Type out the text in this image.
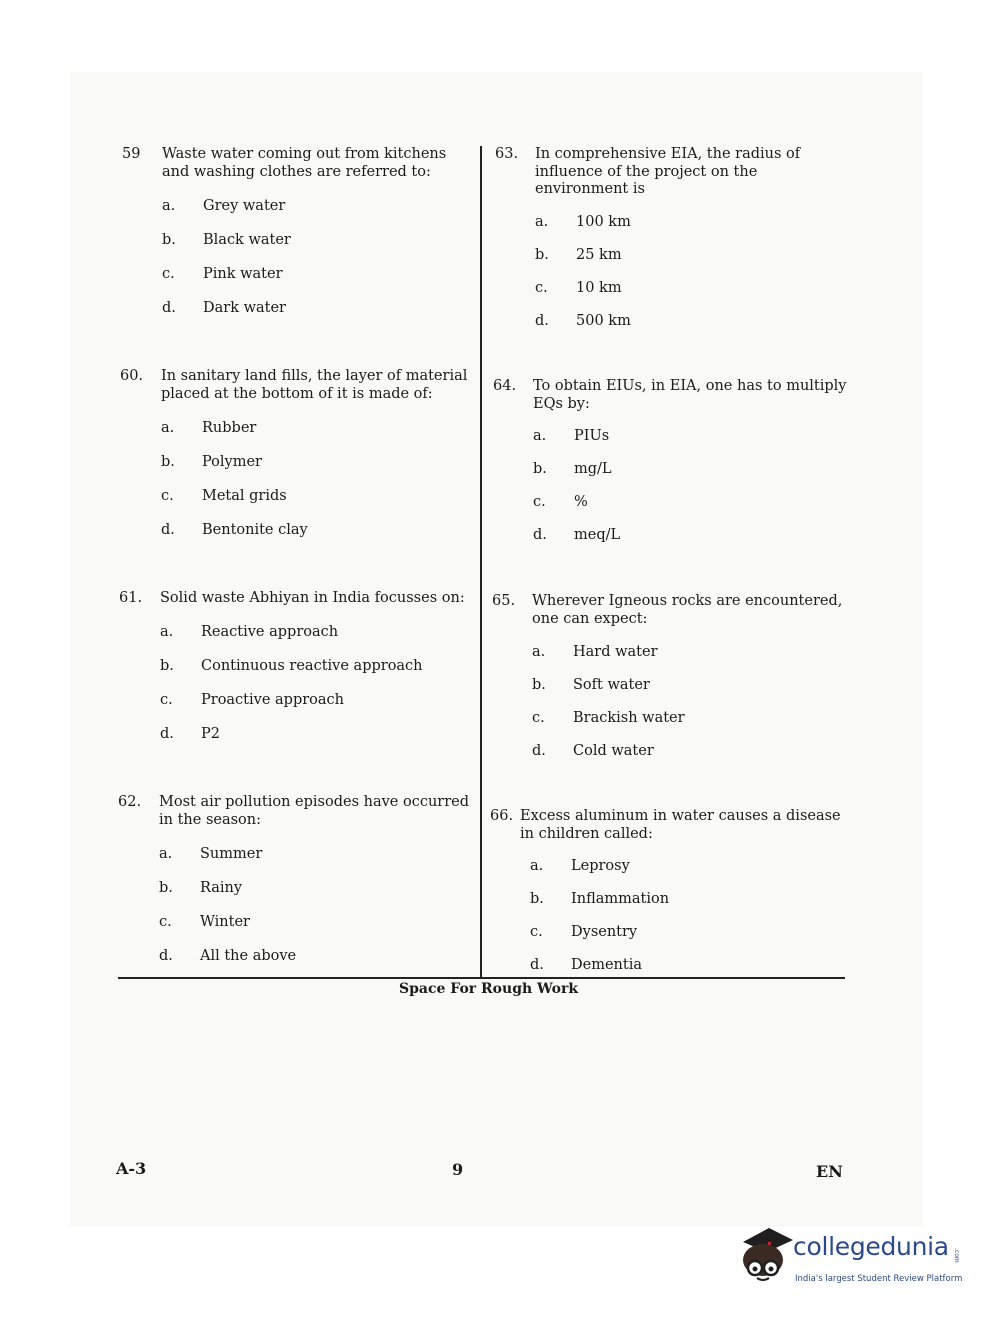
59 Waste water coming out from kitchens and washing clothes are referred to:
a. Grey water
b. Black water
c. Pink water
d. Dark water
60. In sanitary land fills, the layer of material placed at the bottom of it is made of:
a. Rubber
b. Polymer
c. Metal grids
d. Bentonite clay
61. Solid waste Abhiyan in India focusses on:
a. Reactive approach
b. Continuous reactive approach
c. Proactive approach
d. P2
62. Most air pollution episodes have occurred in the season:
a. Summer
b. Rainy
c. Winter
d. All the above
63. In comprehensive EIA, the radius of influence of the project on the environment is
a. 100 km
b. 25 km
c. 10 km
d. 500 km
64. To obtain EIUs, in EIA, one has to multiply EQs by:
a. PIUs
b. mg/L
c. %
d. meq/L
65. Wherever Igneous rocks are encountered, one can expect:
a. Hard water
b. Soft water
c. Brackish water
d. Cold water
66. Excess aluminum in water causes a disease in children called:
a. Leprosy
b. Inflammation
c. Dysentry
d. Dementia
Space For Rough Work
A-3	9	EN
collegedunia .com
India's largest Student Review Platform
